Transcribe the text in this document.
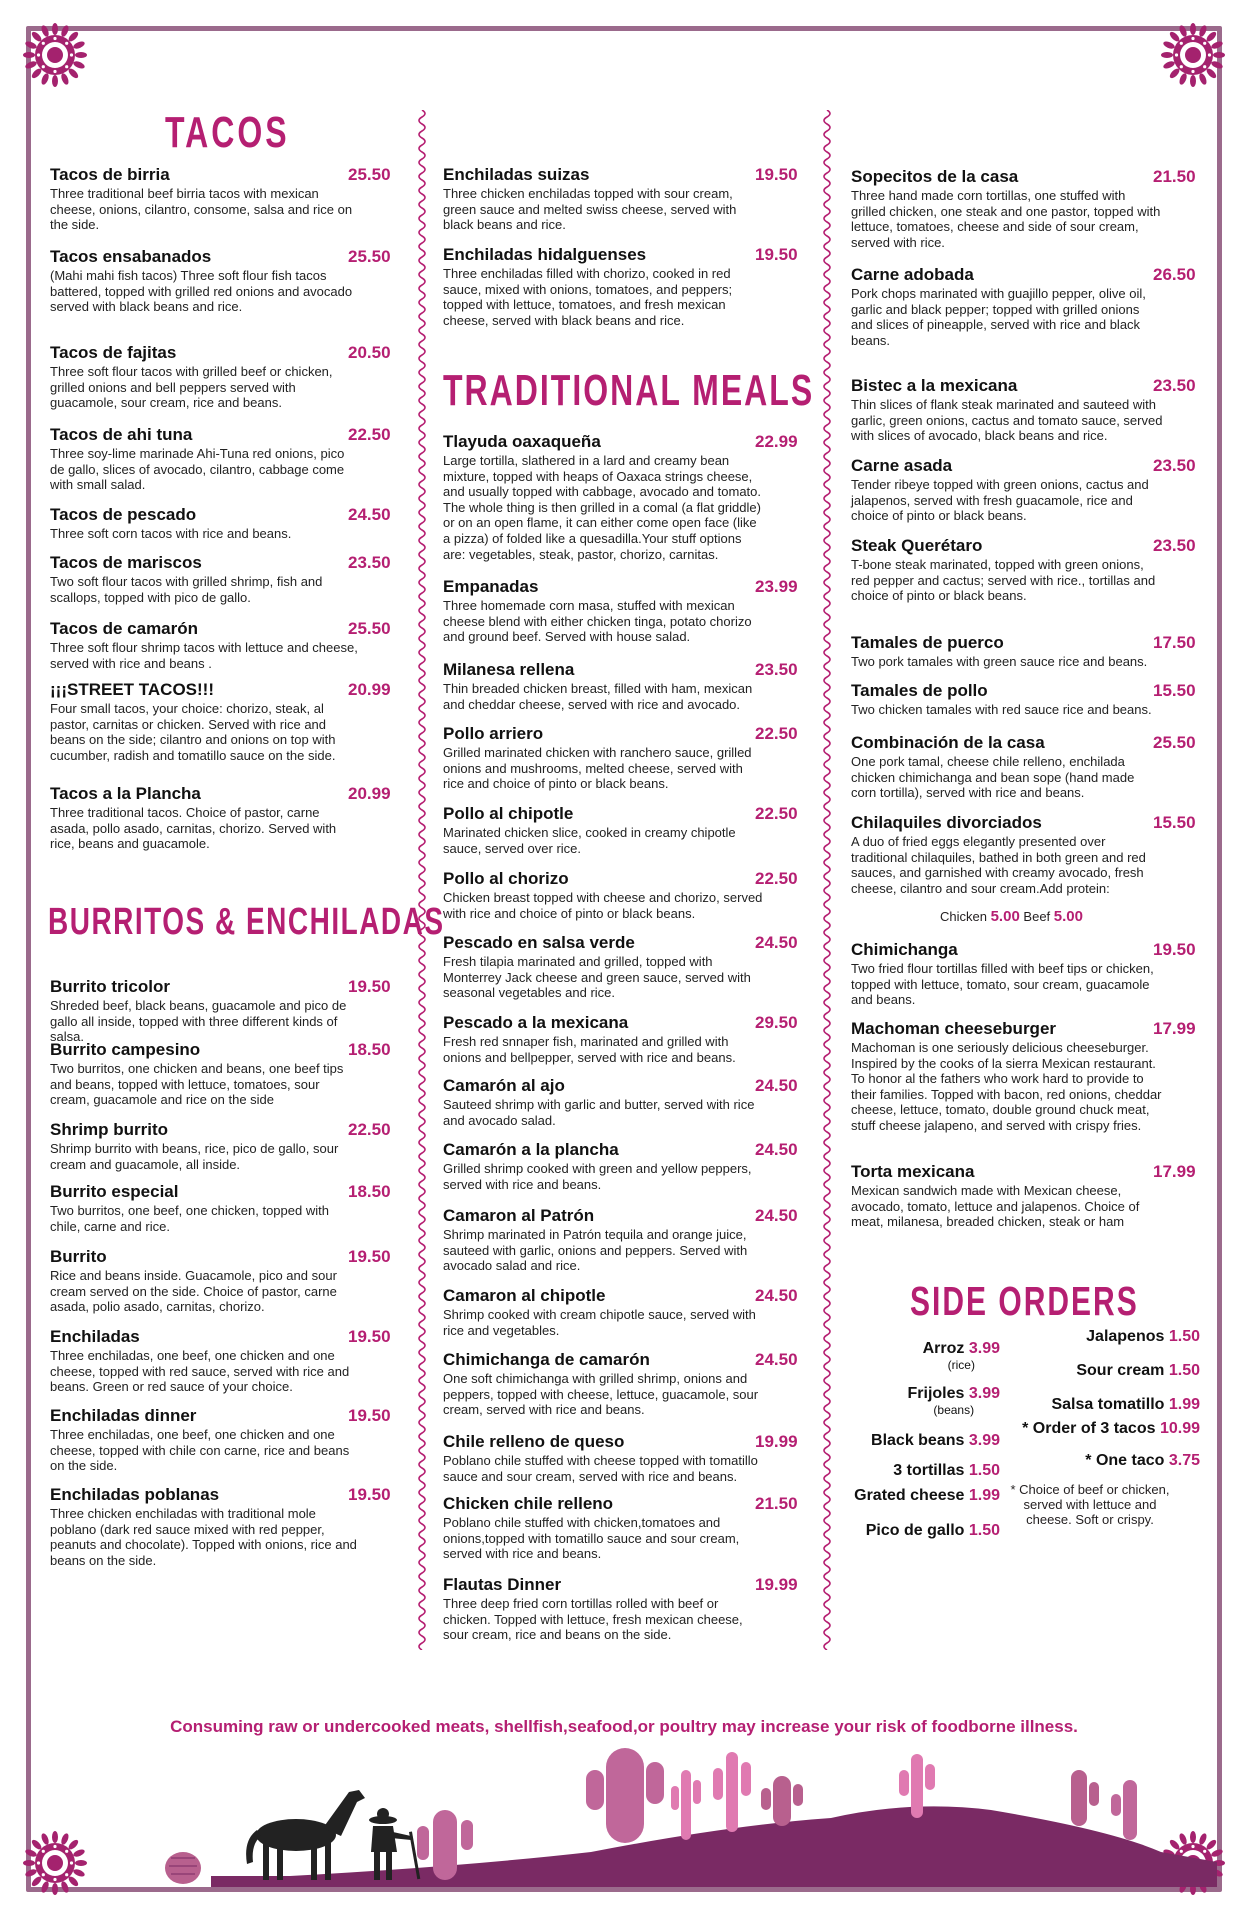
TACOS
BURRITOS & ENCHILADAS
TRADITIONAL MEALS
SIDE ORDERS
Tacos de birria	25.50
Three traditional beef birria tacos with mexican cheese, onions, cilantro, consome, salsa and rice on the side.
Tacos ensabanados	25.50
(Mahi mahi fish tacos) Three soft flour fish tacos battered, topped with grilled red onions and avocado served with black beans and rice.
Tacos de fajitas	20.50
Three soft flour tacos with grilled beef or chicken, grilled onions and bell peppers served with guacamole, sour cream, rice and beans.
Tacos de ahi tuna	22.50
Three soy-lime marinade Ahi-Tuna red onions, pico de gallo, slices of avocado, cilantro, cabbage come with small salad.
Tacos de pescado	24.50
Three soft corn tacos with rice and beans.
Tacos de mariscos	23.50
Two soft flour tacos with grilled shrimp, fish and scallops, topped with pico de gallo.
Tacos de camarón	25.50
Three soft flour shrimp tacos with lettuce and cheese, served with rice and beans .
¡¡¡STREET TACOS!!!	20.99
Four small tacos, your choice: chorizo, steak, al pastor, carnitas or chicken. Served with rice and beans on the side; cilantro and onions on top with cucumber, radish and tomatillo sauce on the side.
Tacos a la Plancha	20.99
Three traditional tacos. Choice of pastor, carne asada, pollo asado, carnitas, chorizo. Served with rice, beans and guacamole.
Burrito tricolor	19.50
Shreded beef, black beans, guacamole and pico de gallo all inside, topped with three different kinds of salsa.
Burrito campesino	18.50
Two burritos, one chicken and beans, one beef tips and beans, topped with lettuce, tomatoes, sour cream, guacamole and rice on the side
Shrimp burrito	22.50
Shrimp burrito with beans, rice, pico de gallo, sour cream and guacamole, all inside.
Burrito especial	18.50
Two burritos, one beef, one chicken, topped with chile, carne and rice.
Burrito	19.50
Rice and beans inside. Guacamole, pico and sour cream served on the side. Choice of pastor, carne asada, polio asado, carnitas, chorizo.
Enchiladas	19.50
Three enchiladas, one beef, one chicken and one cheese, topped with red sauce, served with rice and beans. Green or red sauce of your choice.
Enchiladas dinner	19.50
Three enchiladas, one beef, one chicken and one cheese, topped with chile con carne, rice and beans on the side.
Enchiladas poblanas	19.50
Three chicken enchiladas with traditional mole poblano (dark red sauce mixed with red pepper, peanuts and chocolate). Topped with onions, rice and beans on the side.
Enchiladas suizas	19.50
Three chicken enchiladas topped with sour cream, green sauce and melted swiss cheese, served with black beans and rice.
Enchiladas hidalguenses	19.50
Three enchiladas filled with chorizo, cooked in red sauce, mixed with onions, tomatoes, and peppers; topped with lettuce, tomatoes, and fresh mexican cheese, served with black beans and rice.
Tlayuda oaxaqueña	22.99
Large tortilla, slathered in a lard and creamy bean mixture, topped with heaps of Oaxaca strings cheese, and usually topped with cabbage, avocado and tomato. The whole thing is then grilled in a comal (a flat griddle) or on an open flame, it can either come open face (like a pizza) of folded like a quesadilla.Your stuff options are: vegetables, steak, pastor, chorizo, carnitas.
Empanadas	23.99
Three homemade corn masa, stuffed with mexican cheese blend with either chicken tinga, potato chorizo and ground beef. Served with house salad.
Milanesa rellena	23.50
Thin breaded chicken breast, filled with ham, mexican and cheddar cheese, served with rice and avocado.
Pollo arriero	22.50
Grilled marinated chicken with ranchero sauce, grilled onions and mushrooms, melted cheese, served with rice and choice of pinto or black beans.
Pollo al chipotle	22.50
Marinated chicken slice, cooked in creamy chipotle sauce, served over rice.
Pollo al chorizo	22.50
Chicken breast topped with cheese and chorizo, served with rice and choice of pinto or black beans.
Pescado en salsa verde	24.50
Fresh tilapia marinated and grilled, topped with Monterrey Jack cheese and green sauce, served with seasonal vegetables and rice.
Pescado a la mexicana	29.50
Fresh red snnaper fish, marinated and grilled with onions and bellpepper, served with rice and beans.
Camarón al ajo	24.50
Sauteed shrimp with garlic and butter, served with rice and avocado salad.
Camarón a la plancha	24.50
Grilled shrimp cooked with green and yellow peppers, served with rice and beans.
Camaron al Patrón	24.50
Shrimp marinated in Patrón tequila and orange juice, sauteed with garlic, onions and peppers. Served with avocado salad and rice.
Camaron al chipotle	24.50
Shrimp cooked with cream chipotle sauce, served with rice and vegetables.
Chimichanga de camarón	24.50
One soft chimichanga with grilled shrimp, onions and peppers, topped with cheese, lettuce, guacamole, sour cream, served with rice and beans.
Chile relleno de queso	19.99
Poblano chile stuffed with cheese topped with tomatillo sauce and sour cream, served with rice and beans.
Chicken chile relleno	21.50
Poblano chile stuffed with chicken,tomatoes and onions,topped with tomatillo sauce and sour cream, served with rice and beans.
Flautas Dinner	19.99
Three deep fried corn tortillas rolled with beef or chicken. Topped with lettuce, fresh mexican cheese, sour cream, rice and beans on the side.
Sopecitos de la casa	21.50
Three hand made corn tortillas, one stuffed with grilled chicken, one steak and one pastor, topped with lettuce, tomatoes, cheese and side of sour cream, served with rice.
Carne adobada	26.50
Pork chops marinated with guajillo pepper, olive oil, garlic and black pepper; topped with grilled onions and slices of pineapple, served with rice and black beans.
Bistec a la mexicana	23.50
Thin slices of flank steak marinated and sauteed with garlic, green onions, cactus and tomato sauce, served with slices of avocado, black beans and rice.
Carne asada	23.50
Tender ribeye topped with green onions, cactus and jalapenos, served with fresh guacamole, rice and choice of pinto or black beans.
Steak Querétaro	23.50
T-bone steak marinated, topped with green onions, red pepper and cactus; served with rice., tortillas and choice of pinto or black beans.
Tamales de puerco	17.50
Two pork tamales with green sauce rice and beans.
Tamales de pollo	15.50
Two chicken tamales with red sauce rice and beans.
Combinación de la casa	25.50
One pork tamal, cheese chile relleno, enchilada chicken chimichanga and bean sope (hand made corn tortilla), served with rice and beans.
Chilaquiles divorciados	15.50
A duo of fried eggs elegantly presented over traditional chilaquiles, bathed in both green and red sauces, and garnished with creamy avocado, fresh cheese, cilantro and sour cream.Add protein:
Chimichanga	19.50
Two fried flour tortillas filled with beef tips or chicken, topped with lettuce, tomato, sour cream, guacamole and beans.
Machoman cheeseburger	17.99
Machoman is one seriously delicious cheeseburger. Inspired by the cooks of la sierra Mexican restaurant. To honor al the fathers who work hard to provide to their families. Topped with bacon, red onions, cheddar cheese, lettuce, tomato, double ground chuck meat, stuff cheese jalapeno, and served with crispy fries.
Torta mexicana	17.99
Mexican sandwich made with Mexican cheese, avocado, tomato, lettuce and jalapenos. Choice of meat, milanesa, breaded chicken, steak or ham
Chicken 5.00 Beef 5.00
Arroz 3.99
(rice)
Frijoles 3.99
(beans)
Black beans 3.99
3 tortillas 1.50
Grated cheese 1.99
Pico de gallo 1.50
Jalapenos 1.50
Sour cream 1.50
Salsa tomatillo 1.99
* Order of 3 tacos 10.99
* One taco 3.75
* Choice of beef or chicken, served with lettuce and cheese. Soft or crispy.
Consuming raw or undercooked meats, shellfish,seafood,or poultry may increase your risk of foodborne illness.
